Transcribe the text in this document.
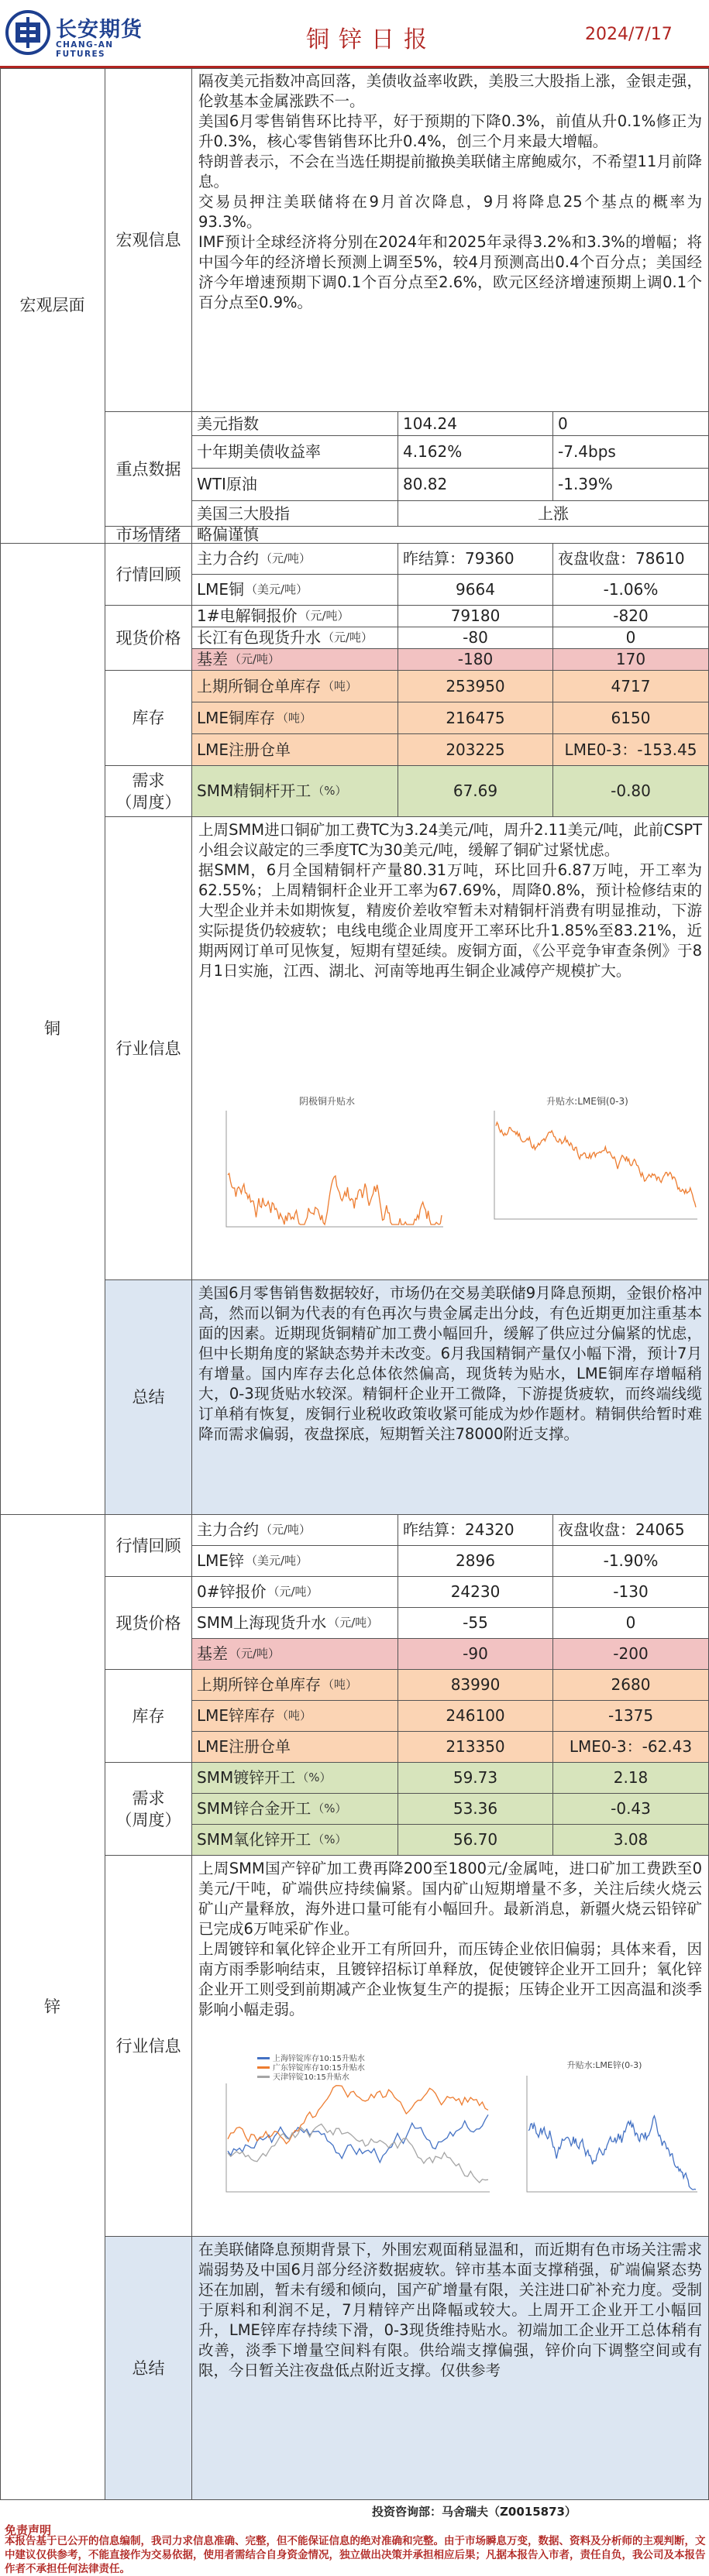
长安期货
CHANG-AN FUTURES
铜锌日报	2024/7/17
宏观层面
宏观信息
隔夜美元指数冲高回落，美债收益率收跌，美股三大股指上涨，金银走强，伦敦基本金属涨跌不一。
美国6月零售销售环比持平，好于预期的下降0.3%，前值从升0.1%修正为升0.3%，核心零售销售环比升0.4%，创三个月来最大增幅。
特朗普表示，不会在当选任期提前撤换美联储主席鲍威尔，不希望11月前降息。
交易员押注美联储将在9月首次降息，9月将降息25个基点的概率为93.3%。
IMF预计全球经济将分别在2024年和2025年录得3.2%和3.3%的增幅；将中国今年的经济增长预测上调至5%，较4月预测高出0.4个百分点；美国经济今年增速预期下调0.1个百分点至2.6%，欧元区经济增速预期上调0.1个百分点至0.9%。
重点数据
美元指数	104.24	0
十年期美债收益率	4.162%	-7.4bps
WTI原油	80.82	-1.39%
美国三大股指	上涨
市场情绪	略偏谨慎
铜
行情回顾
主力合约 （元/吨）	昨结算：79360	夜盘收盘：78610
LME铜 （美元/吨）	9664	-1.06%
现货价格
1#电解铜报价 （元/吨）	79180	-820
长江有色现货升水 （元/吨）	-80	0
基差 （元/吨）	-180	170
库存
上期所铜仓单库存 （吨）	253950	4717
LME铜库存 （吨）	216475	6150
LME注册仓单	203225	LME0-3：-153.45
需求
（周度）
SMM精铜杆开工 （%）	67.69	-0.80
行业信息
上周SMM进口铜矿加工费TC为3.24美元/吨，周升2.11美元/吨，此前CSPT小组会议敲定的三季度TC为30美元/吨，缓解了铜矿过紧忧虑。
据SMM，6月全国精铜杆产量80.31万吨，环比回升6.87万吨，开工率为62.55%；上周精铜杆企业开工率为67.69%，周降0.8%，预计检修结束的大型企业并未如期恢复，精废价差收窄暂未对精铜杆消费有明显推动，下游实际提货仍较疲软；电线电缆企业周度开工率环比升1.85%至83.21%，近期两网订单可见恢复，短期有望延续。废铜方面，《公平竞争审查条例》于8月1日实施，江西、湖北、河南等地再生铜企业减停产规模扩大。
阴极铜升贴水	升贴水:LME铜(0-3)
总结
美国6月零售销售数据较好，市场仍在交易美联储9月降息预期，金银价格冲高，然而以铜为代表的有色再次与贵金属走出分歧，有色近期更加注重基本面的因素。近期现货铜精矿加工费小幅回升，缓解了供应过分偏紧的忧虑，但中长期角度的紧缺态势并未改变。6月我国精铜产量仅小幅下滑，预计7月有增量。国内库存去化总体依然偏高，现货转为贴水，LME铜库存增幅稍大，0-3现货贴水较深。精铜杆企业开工微降，下游提货疲软，而终端线缆订单稍有恢复，废铜行业税收政策收紧可能成为炒作题材。精铜供给暂时难降而需求偏弱，夜盘探底，短期暂关注78000附近支撑。
锌
行情回顾
主力合约 （元/吨）	昨结算：24320	夜盘收盘：24065
LME锌 （美元/吨）	2896	-1.90%
现货价格
0#锌报价 （元/吨）	24230	-130
SMM上海现货升水 （元/吨）	-55	0
基差 （元/吨）	-90	-200
库存
上期所锌仓单库存 （吨）	83990	2680
LME锌库存 （吨）	246100	-1375
LME注册仓单	213350	LME0-3：-62.43
需求
（周度）
SMM镀锌开工 （%）	59.73	2.18
SMM锌合金开工 （%）	53.36	-0.43
SMM氧化锌开工 （%）	56.70	3.08
行业信息
上周SMM国产锌矿加工费再降200至1800元/金属吨，进口矿加工费跌至0美元/干吨，矿端供应持续偏紧。国内矿山短期增量不多，关注后续火烧云矿山产量释放，海外进口量可能有小幅回升。最新消息，新疆火烧云铅锌矿已完成6万吨采矿作业。
上周镀锌和氧化锌企业开工有所回升，而压铸企业依旧偏弱；具体来看，因南方雨季影响结束，且镀锌招标订单释放，促使镀锌企业开工回升；氧化锌企业开工则受到前期减产企业恢复生产的提振；压铸企业开工因高温和淡季影响小幅走弱。
上海锌锭库存10:15升贴水
广东锌锭库存10:15升贴水
天津锌锭10:15升贴水
升贴水:LME锌(0-3)
总结
在美联储降息预期背景下，外围宏观面稍显温和，而近期有色市场关注需求端弱势及中国6月部分经济数据疲软。锌市基本面支撑稍强，矿端偏紧态势还在加剧，暂未有缓和倾向，国产矿增量有限，关注进口矿补充力度。受制于原料和利润不足，7月精锌产出降幅或较大。上周开工企业开工小幅回升，LME锌库存持续下滑，0-3现货维持贴水。初端加工企业开工总体稍有改善，淡季下增量空间料有限。供给端支撑偏强，锌价向下调整空间或有限，今日暂关注夜盘低点附近支撑。仅供参考
投资咨询部：马舍瑞夫（Z0015873）
免责声明
本报告基于已公开的信息编制，我司力求信息准确、完整，但不能保证信息的绝对准确和完整。由于市场瞬息万变，数据、资料及分析师的主观判断，文中建议仅供参考，不能直接作为交易依据，使用者需结合自身资金情况，独立做出决策并承担相应后果；凡据本报告入市者，责任自负，我公司及本报告作者不承担任何法律责任。
